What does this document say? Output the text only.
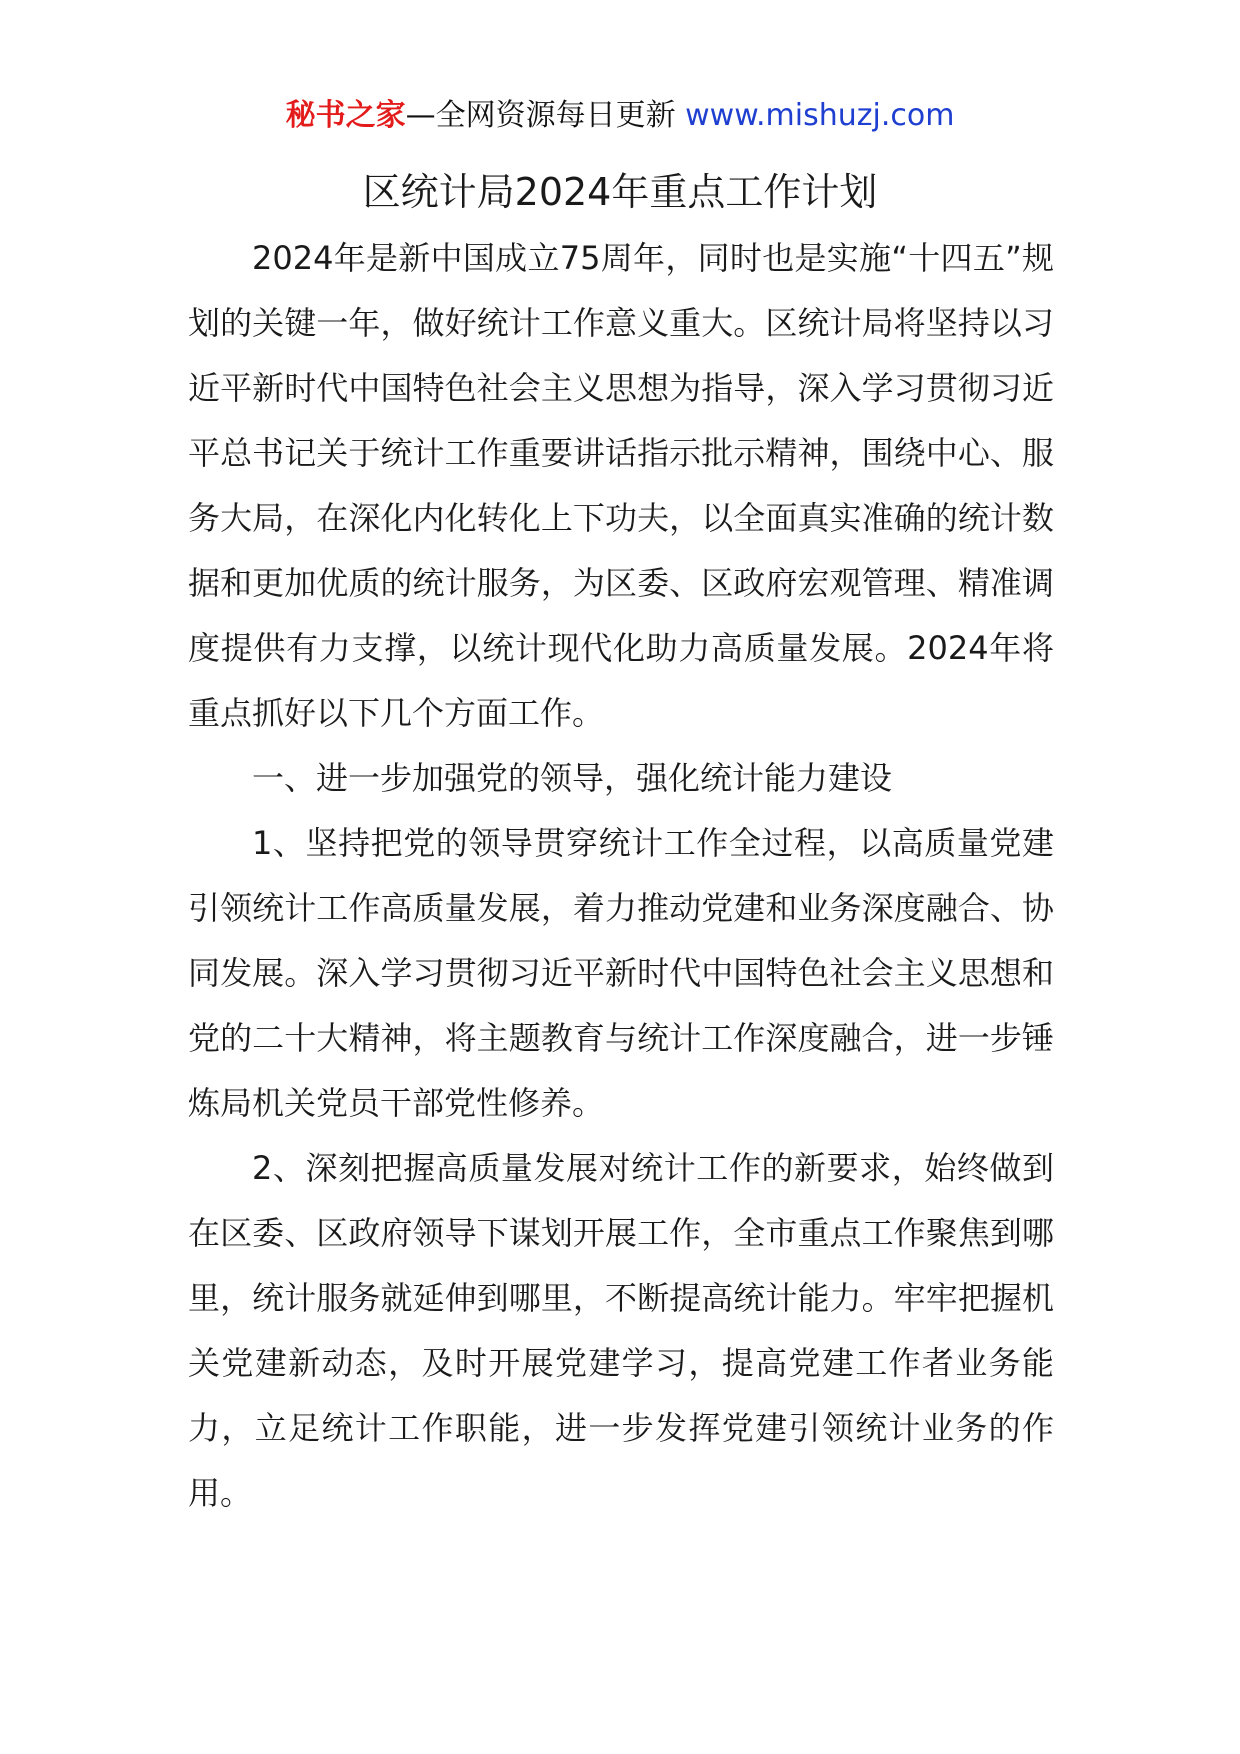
秘书之家—全网资源每日更新 www.mishuzj.com
区统计局2024年重点工作计划

2024年是新中国成立75周年，同时也是实施“十四五”规划的关键一年，做好统计工作意义重大。区统计局将坚持以习近平新时代中国特色社会主义思想为指导，深入学习贯彻习近平总书记关于统计工作重要讲话指示批示精神，围绕中心、服务大局，在深化内化转化上下功夫，以全面真实准确的统计数据和更加优质的统计服务，为区委、区政府宏观管理、精准调度提供有力支撑，以统计现代化助力高质量发展。2024年将重点抓好以下几个方面工作。

一、进一步加强党的领导，强化统计能力建设

1、坚持把党的领导贯穿统计工作全过程，以高质量党建引领统计工作高质量发展，着力推动党建和业务深度融合、协同发展。深入学习贯彻习近平新时代中国特色社会主义思想和党的二十大精神，将主题教育与统计工作深度融合，进一步锤炼局机关党员干部党性修养。

2、深刻把握高质量发展对统计工作的新要求，始终做到在区委、区政府领导下谋划开展工作，全市重点工作聚焦到哪里，统计服务就延伸到哪里，不断提高统计能力。牢牢把握机关党建新动态，及时开展党建学习，提高党建工作者业务能力，立足统计工作职能，进一步发挥党建引领统计业务的作用。
